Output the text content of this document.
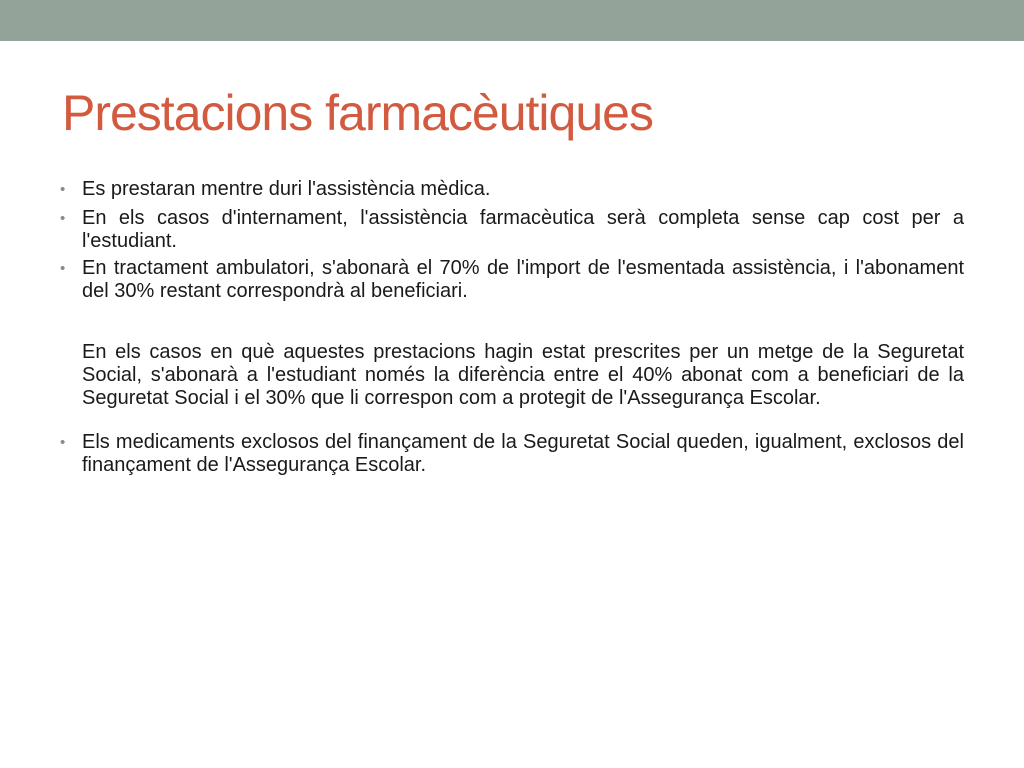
Prestacions farmacèutiques
• Es prestaran mentre duri l'assistència mèdica.
• En els casos d'internament, l'assistència farmacèutica serà completa sense cap cost per a l'estudiant.
• En tractament ambulatori, s'abonarà el 70% de l'import de l'esmentada assistència, i l'abonament del 30% restant correspondrà al beneficiari.
En els casos en què aquestes prestacions hagin estat prescrites per un metge de la Seguretat Social, s'abonarà a l'estudiant només la diferència entre el 40% abonat com a beneficiari de la Seguretat Social i el 30% que li correspon com a protegit de l'Assegurança Escolar.
• Els medicaments exclosos del finançament de la Seguretat Social queden, igualment, exclosos del finançament de l'Assegurança Escolar.
